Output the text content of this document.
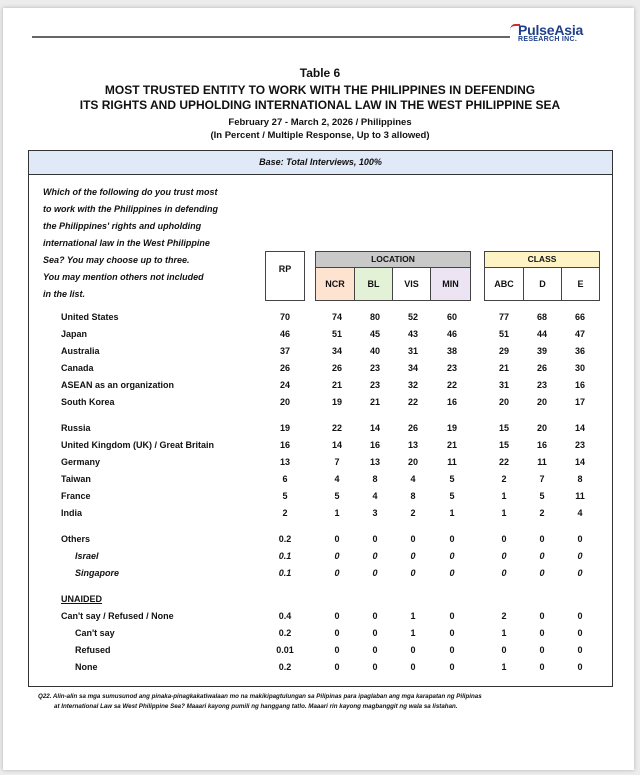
PulseAsia
RESEARCH INC.
Table 6
MOST TRUSTED ENTITY TO WORK WITH THE PHILIPPINES IN DEFENDING
ITS RIGHTS AND UPHOLDING INTERNATIONAL LAW IN THE WEST PHILIPPINE SEA
February 27 - March 2, 2026 / Philippines
(In Percent / Multiple Response, Up to 3 allowed)
Base: Total Interviews, 100%
Which of the following do you trust most
to work with the Philippines in defending
the Philippines' rights and upholding
international law in the West Philippine
Sea? You may choose up to three.
You may mention others not included
in the list.
RP
LOCATION
NCR	BL	VIS	MIN
CLASS
ABC	D	E
United States	70	74	80	52	60	77	68	66
Japan	46	51	45	43	46	51	44	47
Australia	37	34	40	31	38	29	39	36
Canada	26	26	23	34	23	21	26	30
ASEAN as an organization	24	21	23	32	22	31	23	16
South Korea	20	19	21	22	16	20	20	17
Russia	19	22	14	26	19	15	20	14
United Kingdom (UK) / Great Britain	16	14	16	13	21	15	16	23
Germany	13	7	13	20	11	22	11	14
Taiwan	6	4	8	4	5	2	7	8
France	5	5	4	8	5	1	5	11
India	2	1	3	2	1	1	2	4
Others	0.2	0	0	0	0	0	0	0
Israel	0.1	0	0	0	0	0	0	0
Singapore	0.1	0	0	0	0	0	0	0
UNAIDED
Can't say / Refused / None	0.4	0	0	1	0	2	0	0
Can't say	0.2	0	0	1	0	1	0	0
Refused	0.01	0	0	0	0	0	0	0
None	0.2	0	0	0	0	1	0	0
Q22. Alin-alin sa mga sumusunod ang pinaka-pinagkakatiwalaan mo na makikipagtulungan sa Pilipinas para ipaglaban ang mga karapatan ng Pilipinas
at International Law sa West Philippine Sea? Maaari kayong pumili ng hanggang tatlo. Maaari rin kayong magbanggit ng wala sa listahan.
